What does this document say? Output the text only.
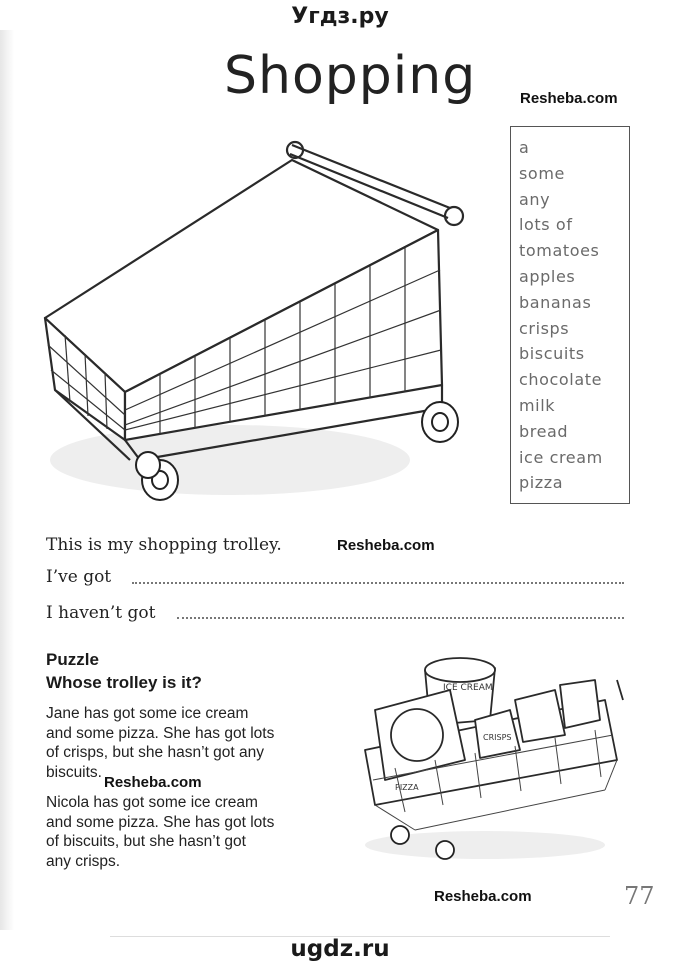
Угдз.ру
Shopping	Resheba.com
a
some
any
lots of
tomatoes
apples
bananas
crisps
biscuits
chocolate
milk
bread
ice cream
pizza
This is my shopping trolley.	Resheba.com
I’ve got
I haven’t got
Puzzle
Whose trolley is it?
Jane has got some ice cream
and some pizza. She has got lots
of crisps, but she hasn’t got any
biscuits.
Resheba.com
Nicola has got some ice cream
and some pizza. She has got lots
of biscuits, but she hasn’t got
any crisps.
ICE CREAM
CRISPS
PIZZA
Resheba.com	77
ugdz.ru
